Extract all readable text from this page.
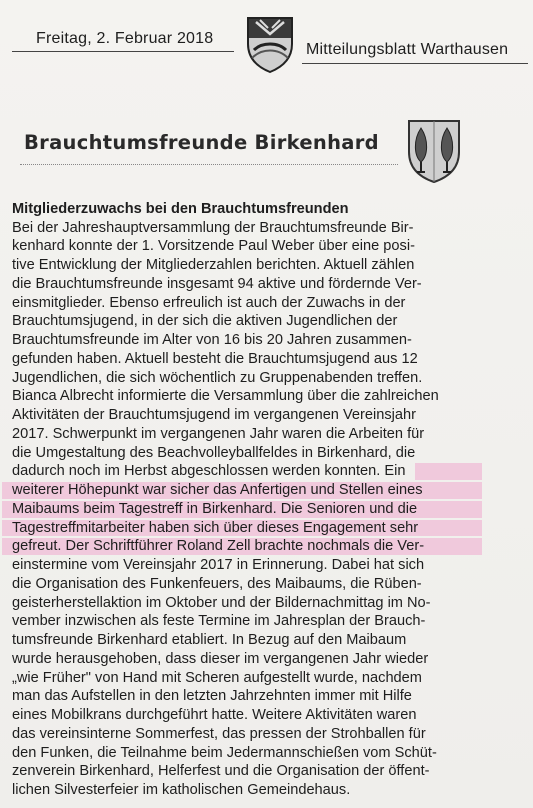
Freitag, 2. Februar 2018
Mitteilungsblatt Warthausen
Brauchtumsfreunde Birkenhard

Mitgliederzuwachs bei den Brauchtumsfreunden

Bei der Jahreshauptversammlung der Brauchtumsfreunde Bir-

kenhard konnte der 1. Vorsitzende Paul Weber über eine posi-

tive Entwicklung der Mitgliederzahlen berichten. Aktuell zählen

die Brauchtumsfreunde insgesamt 94 aktive und fördernde Ver-

einsmitglieder. Ebenso erfreulich ist auch der Zuwachs in der

Brauchtumsjugend, in der sich die aktiven Jugendlichen der

Brauchtumsfreunde im Alter von 16 bis 20 Jahren zusammen-

gefunden haben. Aktuell besteht die Brauchtumsjugend aus 12

Jugendlichen, die sich wöchentlich zu Gruppenabenden treffen.

Bianca Albrecht informierte die Versammlung über die zahlreichen

Aktivitäten der Brauchtumsjugend im vergangenen Vereinsjahr

2017. Schwerpunkt im vergangenen Jahr waren die Arbeiten für

die Umgestaltung des Beachvolleyballfeldes in Birkenhard, die

dadurch noch im Herbst abgeschlossen werden konnten. Ein

weiterer Höhepunkt war sicher das Anfertigen und Stellen eines

Maibaums beim Tagestreff in Birkenhard. Die Senioren und die

Tagestreffmitarbeiter haben sich über dieses Engagement sehr

gefreut. Der Schriftführer Roland Zell brachte nochmals die Ver-

einstermine vom Vereinsjahr 2017 in Erinnerung. Dabei hat sich

die Organisation des Funkenfeuers, des Maibaums, die Rüben-

geisterherstellaktion im Oktober und der Bildernachmittag im No-

vember inzwischen als feste Termine im Jahresplan der Brauch-

tumsfreunde Birkenhard etabliert. In Bezug auf den Maibaum

wurde herausgehoben, dass dieser im vergangenen Jahr wieder

„wie Früher" von Hand mit Scheren aufgestellt wurde, nachdem

man das Aufstellen in den letzten Jahrzehnten immer mit Hilfe

eines Mobilkrans durchgeführt hatte. Weitere Aktivitäten waren

das vereinsinterne Sommerfest, das pressen der Strohballen für

den Funken, die Teilnahme beim Jedermannschießen vom Schüt-

zenverein Birkenhard, Helferfest und die Organisation der öffent-

lichen Silvesterfeier im katholischen Gemeindehaus.
